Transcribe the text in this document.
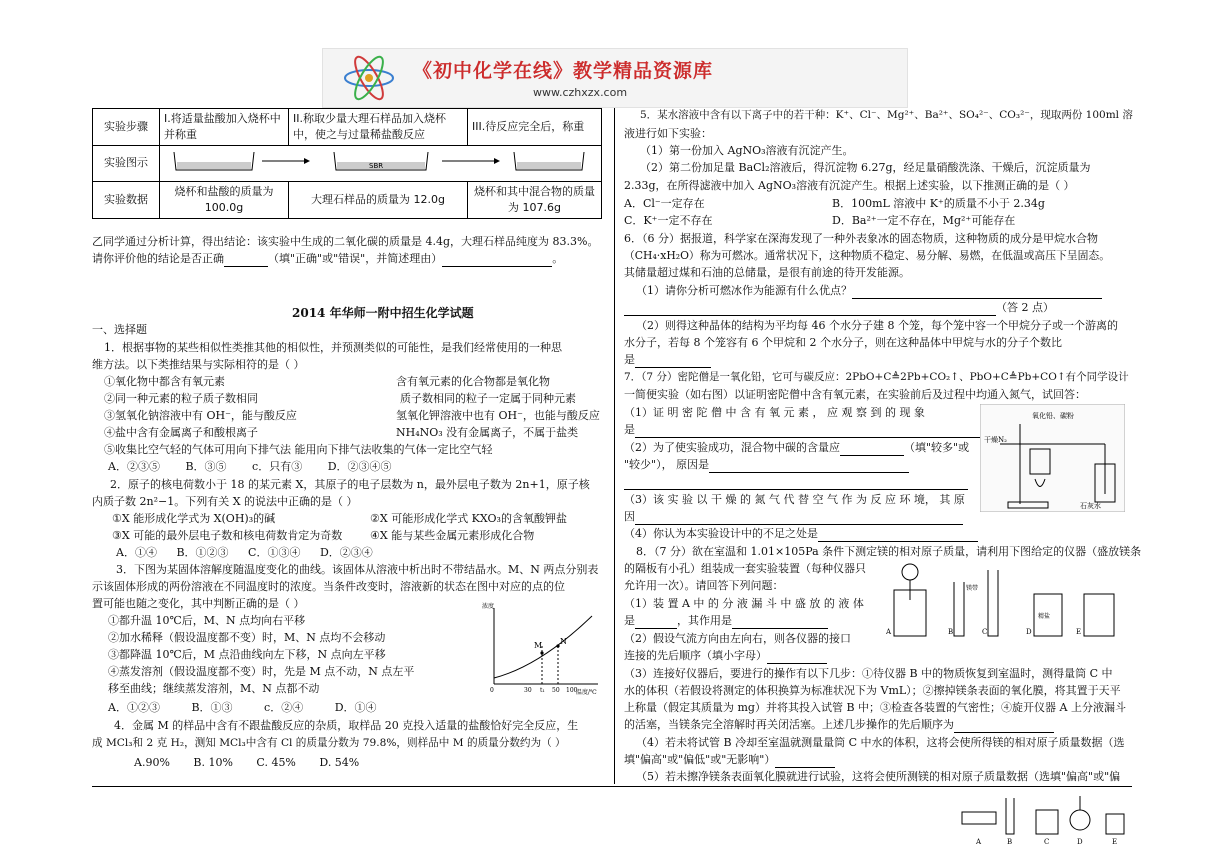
《初中化学在线》教学精品资源库
www.czhxzx.com
实验步骤	I.将适量盐酸加入烧杯中并称重	II.称取少量大理石样品加入烧杯中，使之与过量稀盐酸反应	III.待反应完全后，称重
实验图示	SBR		

实验数据	烧杯和盐酸的质量为100.0g	大理石样品的质量为 12.0g	烧杯和其中混合物的质量为 107.6g
乙同学通过分析计算，得出结论：该实验中生成的二氧化碳的质量是 4.4g，大理石样品纯度为 83.3%。
请你评价他的结论是否正确	（填"正确"或"错误"，并简述理由）	。
2014 年华师一附中招生化学试题
一、选择题
1．根据事物的某些相似性类推其他的相似性，并预测类似的可能性，是我们经常使用的一种思
维方法。以下类推结果与实际相符的是（ ）
①氧化物中都含有氧元素	含有氧元素的化合物都是氧化物
②同一种元素的粒子质子数相同	质子数相同的粒子一定属于同种元素
③氢氧化钠溶液中有 OH⁻，能与酸反应	氢氧化钾溶液中也有 OH⁻，也能与酸反应
④盐中含有金属离子和酸根离子	NH₄NO₃ 没有金属离子，不属于盐类
⑤收集比空气轻的气体可用向下排气法 能用向下排气法收集的气体一定比空气轻
A．②③⑤ B．③⑤ c．只有③ D．②③④⑤
2．原子的核电荷数小于 18 的某元素 X，其原子的电子层数为 n，最外层电子数为 2n+1，原子核
内质子数 2n²−1。下列有关 X 的说法中正确的是（ ）
①X 能形成化学式为 X(OH)₃的碱	②X 可能形成化学式 KXO₃的含氧酸钾盐
③X 可能的最外层电子数和核电荷数肯定为奇数	④X 能与某些金属元素形成化合物
A．①④ B．①②③ C．①③④ D．②③④
3．下图为某固体溶解度随温度变化的曲线。该固体从溶液中析出时不带结晶水。M、N 两点分别表
示该固体形成的两份溶液在不同温度时的浓度。当条件改变时，溶液新的状态在图中对应的点的位
置可能也随之变化，其中判断正确的是（ ）
①都升温 10℃后，M、N 点均向右平移
②加水稀释（假设温度都不变）时，M、N 点均不会移动
③都降温 10℃后，M 点沿曲线向左下移，N 点向左平移
④蒸发溶剂（假设温度都不变）时，先是 M 点不动，N 点左平
移至曲线；继续蒸发溶剂，M、N 点都不动
M N
浓度
温度/℃
0	30 t₁ 50 100
A．①②③	B．①③	c．②④	D．①④
4．金属 M 的样品中含有不跟盐酸反应的杂质，取样品 20 克投入适量的盐酸恰好完全反应，生
成 MCl₃和 2 克 H₂，测知 MCl₃中含有 Cl 的质量分数为 79.8%，则样品中 M 的质量分数约为（ ）
A.90% B. 10% C. 45% D. 54%
5．某水溶液中含有以下离子中的若干种：K⁺、Cl⁻、Mg²⁺、Ba²⁺、SO₄²⁻、CO₃²⁻，现取两份 100ml 溶
液进行如下实验：
（1）第一份加入 AgNO₃溶液有沉淀产生。
（2）第二份加足量 BaCl₂溶液后，得沉淀物 6.27g，经足量硝酸洗涤、干燥后，沉淀质量为
2.33g，在所得滤液中加入 AgNO₃溶液有沉淀产生。根据上述实验，以下推测正确的是（ ）
A．Cl⁻一定存在	B．100mL 溶液中 K⁺的质量不小于 2.34g
C．K⁺一定不存在	D．Ba²⁺一定不存在，Mg²⁺可能存在
6．（6 分）据报道，科学家在深海发现了一种外表象冰的固态物质，这种物质的成分是甲烷水合物
（CH₄·xH₂O）称为可燃冰。通常状况下，这种物质不稳定、易分解、易燃，在低温或高压下呈固态。
其储量超过煤和石油的总储量，是很有前途的待开发能源。
（1）请你分析可燃冰作为能源有什么优点？
（答 2 点）
（2）则得这种晶体的结构为平均每 46 个水分子建 8 个笼，每个笼中容一个甲烷分子或一个游离的
水分子，若每 8 个笼容有 6 个甲烷和 2 个水分子，则在这种晶体中甲烷与水的分子个数比
是
7．（7 分）密陀僧是一氧化铅，它可与碳反应：2PbO+C≜2Pb+CO₂↑、PbO+C≜Pb+CO↑有个同学设计
一简便实验（如右图）以证明密陀僧中含有氧元素，在实验前后及过程中均通入氮气，试回答：
（1）证 明 密 陀 僧 中 含 有 氧 元 素 ， 应 观 察 到 的 现 象
是
（2）为了使实验成功，混合物中碳的含量应	（填"较多"或
"较少"）， 原因是
（3）该 实 验 以 干 燥 的 氮 气 代 替 空 气 作 为 反 应 环 境， 其 原
因
（4）你认为本实验设计中的不足之处是
干燥N₂
氧化铅、碳粉
石灰水
8．（7 分）欲在室温和 1.01×105Pa 条件下测定镁的相对原子质量，请利用下图给定的仪器（盛放镁条
的隔板有小孔）组装成一套实验装置（每种仪器只
允许用一次）。请回答下列问题：
（1）装 置 A 中 的 分 液 漏 斗 中 盛 放 的 液 体
是	，其作用是
（2）假设气流方向由左向右，则各仪器的接口
连接的先后顺序（填小字母）
A	B
镁带
C
精盐
D	E
（3）连接好仪器后，要进行的操作有以下几步：①待仪器 B 中的物质恢复到室温时，测得量筒 C 中
水的体积（若假设将测定的体积换算为标准状况下为 VmL）；②擦掉镁条表面的氧化膜，将其置于天平
上称量（假定其质量为 mg）并将其投入试管 B 中；③检查各装置的气密性；④旋开仪器 A 上分液漏斗
的活塞，当镁条完全溶解时再关闭活塞。上述几步操作的先后顺序为
（4）若未将试管 B 冷却至室温就测量量筒 C 中水的体积，这将会使所得镁的相对原子质量数据（选
填"偏高"或"偏低"或"无影响"）
（5）若未擦净镁条表面氧化膜就进行试验，这将会使所测镁的相对原子质量数据（选填"偏高"或"偏
A	B	C	D	E
